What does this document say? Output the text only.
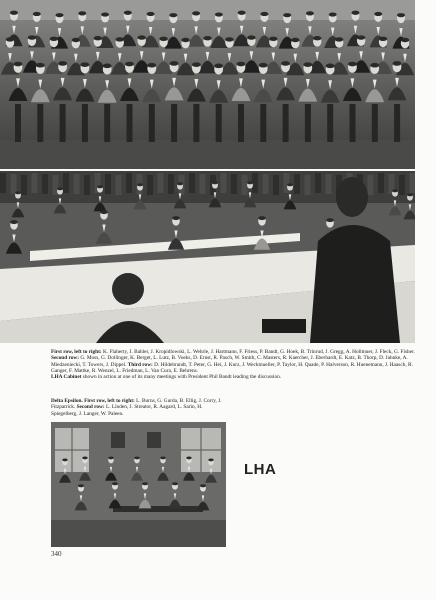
First row, left to right: K. Flaherty, J. Bahler, J. Kropidlowski, L. Wehrle, J. Hartmann, F. Friess, P. Bandt, G. Hoek, B. Trinrud, J. Gregg, A. Hollmuer, J. Fleck, G. Fisher. Second row: G. Moss, G. Dollinger, K. Berget, L. Lutz, B. Voeks, D. Ernst, R. Pasch, W. Smith, C. Masters, R. Kaercher, J. Eberhardt, E. Katz, B. Thorp, D. Jahnke, A. Miedzeniecki, T. Towers, J. Dippel. Third row: D. Hildebrandt, T. Peter, G. Hei, J. Kurz, J. Weckmueller, P. Taylor, H. Quade, P. Halverson, R. Huenemann, J. Haasch, R. Ganger, F. Mattke, R. Wenzel, L. Friedman, L. Van Cura, E. Behrens.
LHA Cabinet shown in action at one of its many meetings with President Phil Bandt leading the discussion.
Delta Epsilon. First row, left to right: L. Burns, G. Gurda, B. Ellig, J. Corry, J. Fitzpatrick. Second row: L. Linden, J. Streator, R. Aagard, L. Sarin, H. Spiegelberg, J. Langer, W. Paleen.
LHA
340
